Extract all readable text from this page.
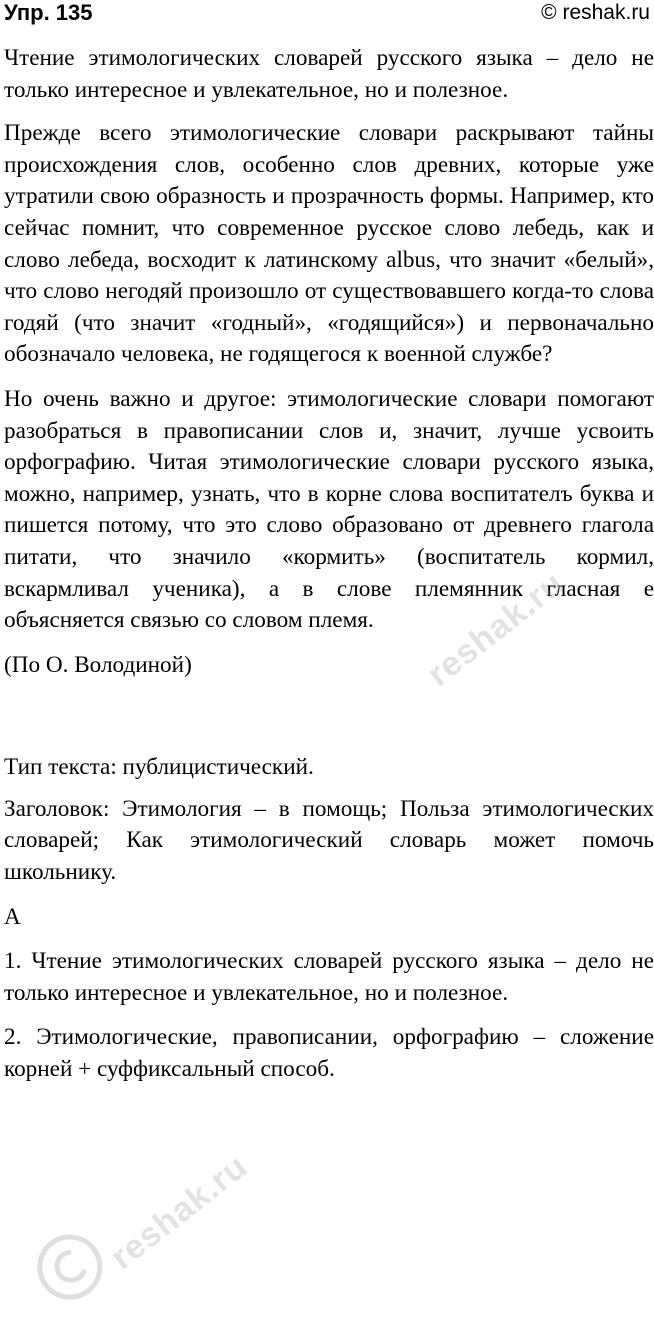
Упр. 135	© reshak.ru

Чтение этимологических словарей русского языка – дело не только интересное и увлекательное, но и полезное.

Прежде всего этимологические словари раскрывают тайны происхождения слов, особенно слов древних, которые уже утратили свою образность и прозрачность формы. Например, кто сейчас помнит, что современное русское слово лебедь, как и слово лебеда, восходит к латинскому albus, что значит «белый», что слово негодяй произошло от существовавшего когда-то слова годяй (что значит «годный», «годящийся») и первоначально обозначало человека, не годящегося к военной службе?

Но очень важно и другое: этимологические словари помогают разобраться в правописании слов и, значит, лучше усвоить орфографию. Читая этимологические словари русского языка, можно, например, узнать, что в корне слова воспитателъ буква и пишется потому, что это слово образовано от древнего глагола питати, что значило «кормить» (воспитатель кормил, вскармливал ученика), а в слове племянник гласная е объясняется связью со словом племя.

(По О. Володиной)

Тип текста: публицистический.

Заголовок: Этимология – в помощь; Польза этимологических словарей; Как этимологический словарь может помочь школьнику.

А

1. Чтение этимологических словарей русского языка – дело не только интересное и увлекательное, но и полезное.

2. Этимологические, правописании, орфографию – сложение корней + суффиксальный способ.

reshak.ru
reshak.ru
